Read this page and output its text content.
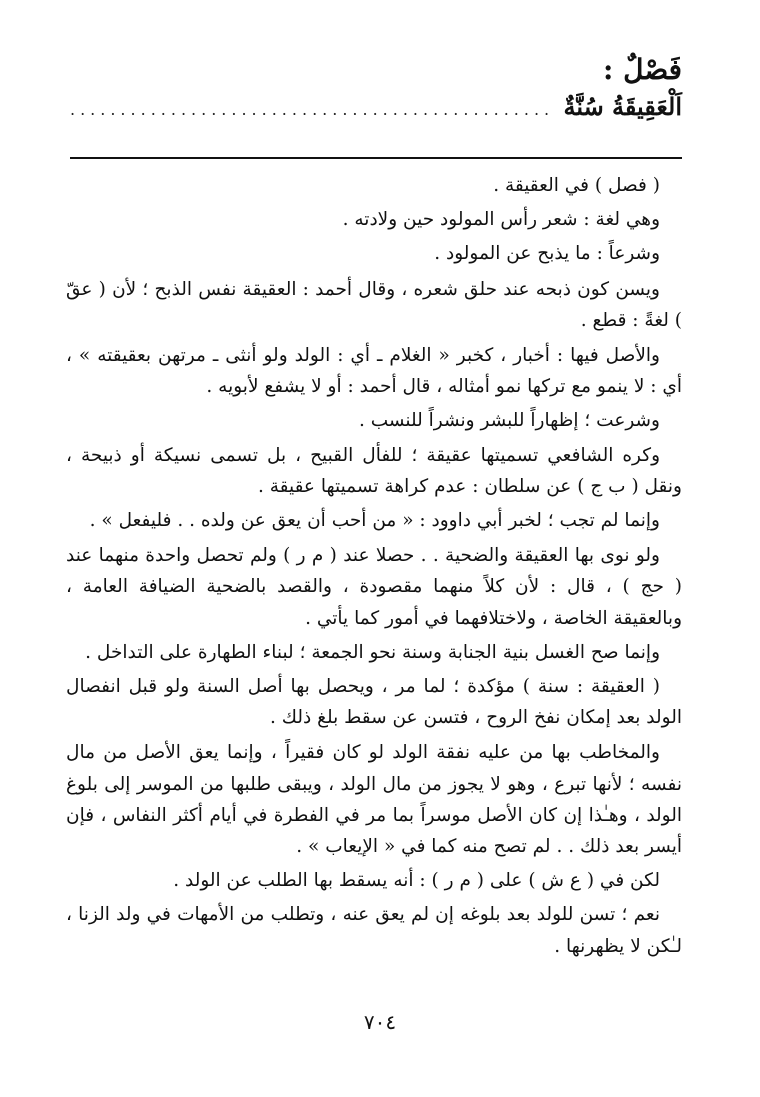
فَصْلٌ :
اَلْعَقِيقَةُ سُنَّةٌ
................................................

( فصل ) في العقيقة .

وهي لغة : شعر رأس المولود حين ولادته .

وشرعاً : ما يذبح عن المولود .

ويسن كون ذبحه عند حلق شعره ، وقال أحمد : العقيقة نفس الذبح ؛ لأن ( عقّ ) لغةً : قطع .

والأصل فيها : أخبار ، كخبر « الغلام ـ أي : الولد ولو أنثى ـ مرتهن بعقيقته » ، أي : لا ينمو مع تركها نمو أمثاله ، قال أحمد : أو لا يشفع لأبويه .

وشرعت ؛ إظهاراً للبشر ونشراً للنسب .

وكره الشافعي تسميتها عقيقة ؛ للفأل القبيح ، بل تسمى نسيكة أو ذبيحة ، ونقل ( ب ج ) عن سلطان : عدم كراهة تسميتها عقيقة .

وإنما لم تجب ؛ لخبر أبي داوود : « من أحب أن يعق عن ولده . . فليفعل » .

ولو نوى بها العقيقة والضحية . . حصلا عند ( م ر ) ولم تحصل واحدة منهما عند ( حج ) ، قال : لأن كلاً منهما مقصودة ، والقصد بالضحية الضيافة العامة ، وبالعقيقة الخاصة ، ولاختلافهما في أمور كما يأتي .

وإنما صح الغسل بنية الجنابة وسنة نحو الجمعة ؛ لبناء الطهارة على التداخل .

( العقيقة : سنة ) مؤكدة ؛ لما مر ، ويحصل بها أصل السنة ولو قبل انفصال الولد بعد إمكان نفخ الروح ، فتسن عن سقط بلغ ذلك .

والمخاطب بها من عليه نفقة الولد لو كان فقيراً ، وإنما يعق الأصل من مال نفسه ؛ لأنها تبرع ، وهو لا يجوز من مال الولد ، ويبقى طلبها من الموسر إلى بلوغ الولد ، وهـٰذا إن كان الأصل موسراً بما مر في الفطرة في أيام أكثر النفاس ، فإن أيسر بعد ذلك . . لم تصح منه كما في « الإيعاب » .

لكن في ( ع ش ) على ( م ر ) : أنه يسقط بها الطلب عن الولد .

نعم ؛ تسن للولد بعد بلوغه إن لم يعق عنه ، وتطلب من الأمهات في ولد الزنا ، لـٰكن لا يظهرنها .

٧٠٤
